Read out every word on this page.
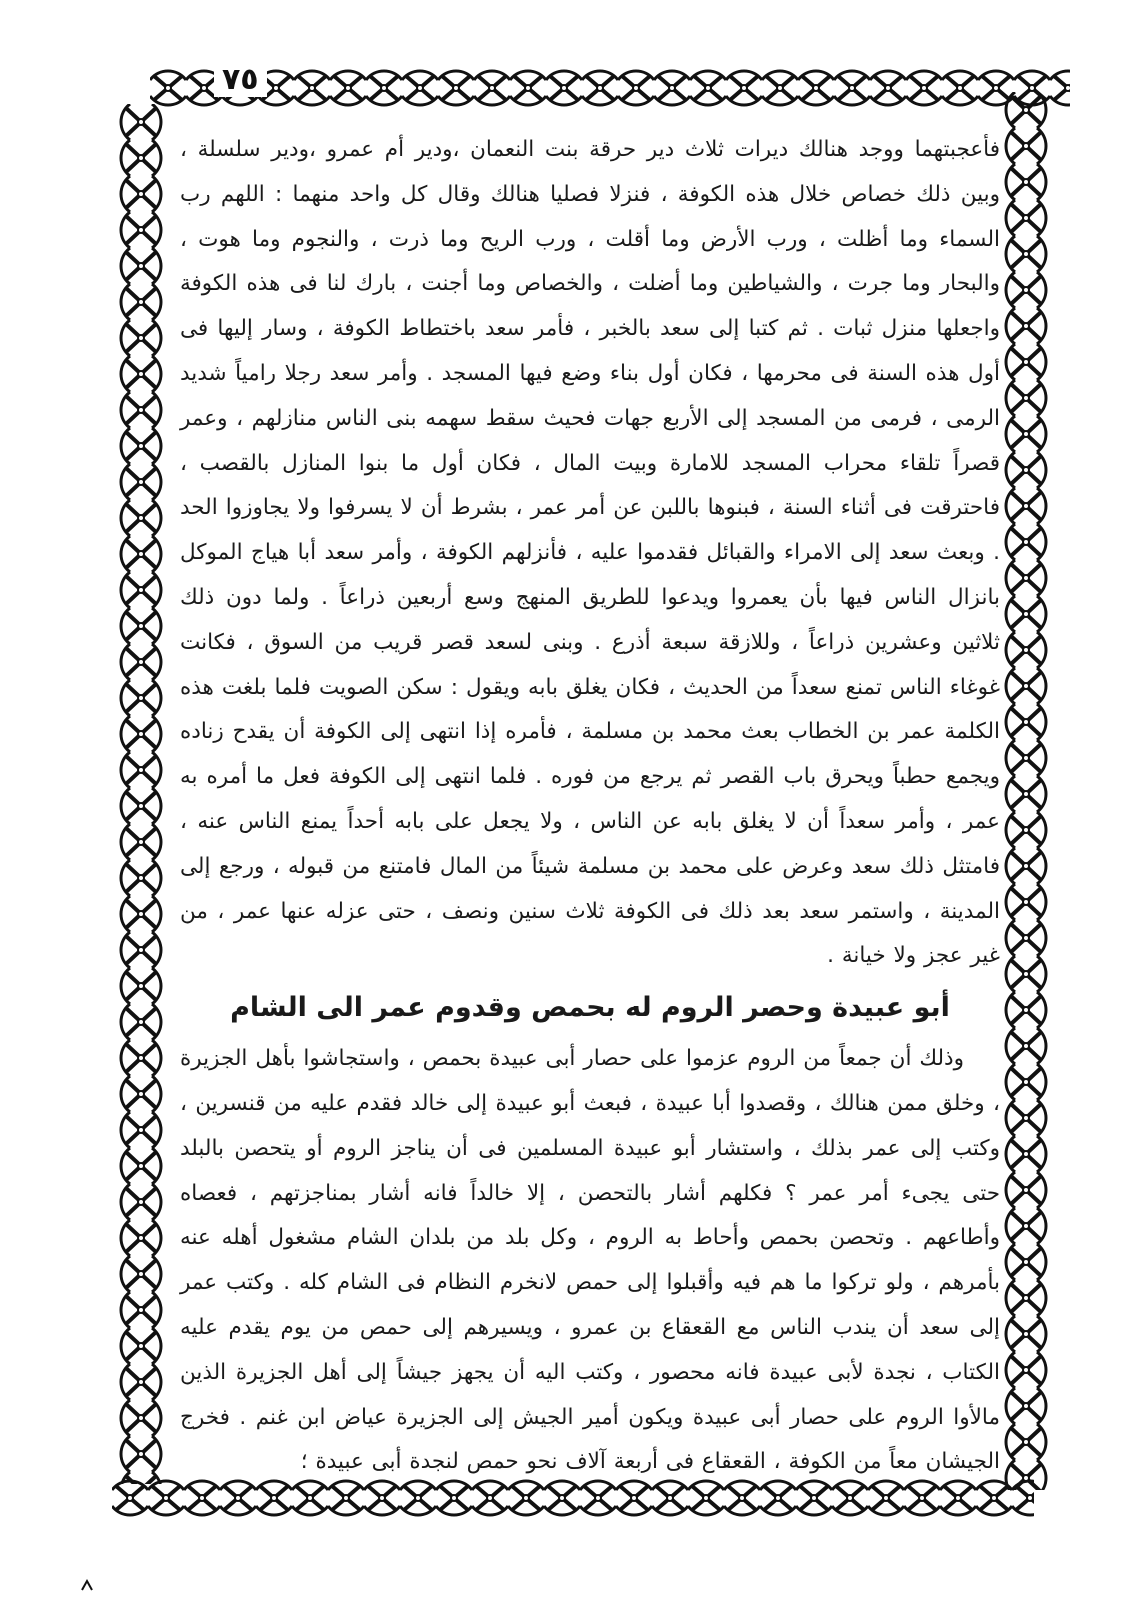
٧٥

فأعجبتهما ووجد هنالك ديرات ثلاث دير حرقة بنت النعمان ،ودير أم عمرو ،ودير سلسلة ، وبين ذلك خصاص خلال هذه الكوفة ، فنزلا فصليا هنالك وقال كل واحد منهما : اللهم رب السماء وما أظلت ، ورب الأرض وما أقلت ، ورب الريح وما ذرت ، والنجوم وما هوت ، والبحار وما جرت ، والشياطين وما أضلت ، والخصاص وما أجنت ، بارك لنا فى هذه الكوفة واجعلها منزل ثبات . ثم كتبا إلى سعد بالخبر ، فأمر سعد باختطاط الكوفة ، وسار إليها فى أول هذه السنة فى محرمها ، فكان أول بناء وضع فيها المسجد . وأمر سعد رجلا رامياً شديد الرمى ، فرمى من المسجد إلى الأربع جهات فحيث سقط سهمه بنى الناس منازلهم ، وعمر قصراً تلقاء محراب المسجد للامارة وبيت المال ، فكان أول ما بنوا المنازل بالقصب ، فاحترقت فى أثناء السنة ، فبنوها باللبن عن أمر عمر ، بشرط أن لا يسرفوا ولا يجاوزوا الحد . وبعث سعد إلى الامراء والقبائل فقدموا عليه ، فأنزلهم الكوفة ، وأمر سعد أبا هياج الموكل بانزال الناس فيها بأن يعمروا ويدعوا للطريق المنهج وسع أربعين ذراعاً . ولما دون ذلك ثلاثين وعشرين ذراعاً ، وللازقة سبعة أذرع . وبنى لسعد قصر قريب من السوق ، فكانت غوغاء الناس تمنع سعداً من الحديث ، فكان يغلق بابه ويقول : سكن الصويت فلما بلغت هذه الكلمة عمر بن الخطاب بعث محمد بن مسلمة ، فأمره إذا انتهى إلى الكوفة أن يقدح زناده ويجمع حطباً ويحرق باب القصر ثم يرجع من فوره . فلما انتهى إلى الكوفة فعل ما أمره به عمر ، وأمر سعداً أن لا يغلق بابه عن الناس ، ولا يجعل على بابه أحداً يمنع الناس عنه ، فامتثل ذلك سعد وعرض على محمد بن مسلمة شيئاً من المال فامتنع من قبوله ، ورجع إلى المدينة ، واستمر سعد بعد ذلك فى الكوفة ثلاث سنين ونصف ، حتى عزله عنها عمر ، من غير عجز ولا خيانة .

أبو عبيدة وحصر الروم له بحمص وقدوم عمر الى الشام

وذلك أن جمعاً من الروم عزموا على حصار أبى عبيدة بحمص ، واستجاشوا بأهل الجزيرة ، وخلق ممن هنالك ، وقصدوا أبا عبيدة ، فبعث أبو عبيدة إلى خالد فقدم عليه من قنسرين ، وكتب إلى عمر بذلك ، واستشار أبو عبيدة المسلمين فى أن يناجز الروم أو يتحصن بالبلد حتى يجىء أمر عمر ؟ فكلهم أشار بالتحصن ، إلا خالداً فانه أشار بمناجزتهم ، فعصاه وأطاعهم . وتحصن بحمص وأحاط به الروم ، وكل بلد من بلدان الشام مشغول أهله عنه بأمرهم ، ولو تركوا ما هم فيه وأقبلوا إلى حمص لانخرم النظام فى الشام كله . وكتب عمر إلى سعد أن يندب الناس مع القعقاع بن عمرو ، ويسيرهم إلى حمص من يوم يقدم عليه الكتاب ، نجدة لأبى عبيدة فانه محصور ، وكتب اليه أن يجهز جيشاً إلى أهل الجزيرة الذين مالأوا الروم على حصار أبى عبيدة ويكون أمير الجيش إلى الجزيرة عياض ابن غنم . فخرج الجيشان معاً من الكوفة ، القعقاع فى أربعة آلاف نحو حمص لنجدة أبى عبيدة ؛
